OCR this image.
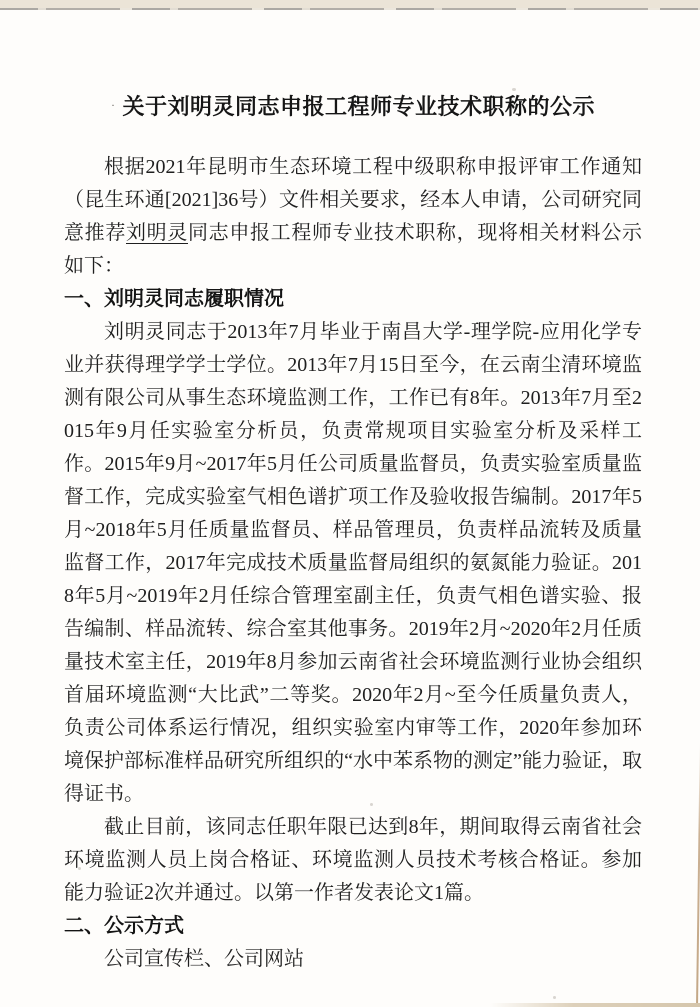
· 关于刘明灵同志申报工程师专业技术职称的公示

根据2021年昆明市生态环境工程中级职称申报评审工作通知（昆生环通[2021]36号）文件相关要求，经本人申请，公司研究同意推荐刘明灵同志申报工程师专业技术职称，现将相关材料公示如下：

一、刘明灵同志履职情况

刘明灵同志于2013年7月毕业于南昌大学-理学院-应用化学专业并获得理学学士学位。2013年7月15日至今，在云南尘清环境监测有限公司从事生态环境监测工作，工作已有8年。2013年7月至2015年9月任实验室分析员，负责常规项目实验室分析及采样工作。2015年9月~2017年5月任公司质量监督员，负责实验室质量监督工作，完成实验室气相色谱扩项工作及验收报告编制。2017年5月~2018年5月任质量监督员、样品管理员，负责样品流转及质量监督工作，2017年完成技术质量监督局组织的氨氮能力验证。2018年5月~2019年2月任综合管理室副主任，负责气相色谱实验、报告编制、样品流转、综合室其他事务。2019年2月~2020年2月任质量技术室主任，2019年8月参加云南省社会环境监测行业协会组织首届环境监测“大比武”二等奖。2020年2月~至今任质量负责人，负责公司体系运行情况，组织实验室内审等工作，2020年参加环境保护部标准样品研究所组织的“水中苯系物的测定”能力验证，取得证书。

截止目前，该同志任职年限已达到8年，期间取得云南省社会环境监测人员上岗合格证、环境监测人员技术考核合格证。参加能力验证2次并通过。以第一作者发表论文1篇。

二、公示方式

公司宣传栏、公司网站
